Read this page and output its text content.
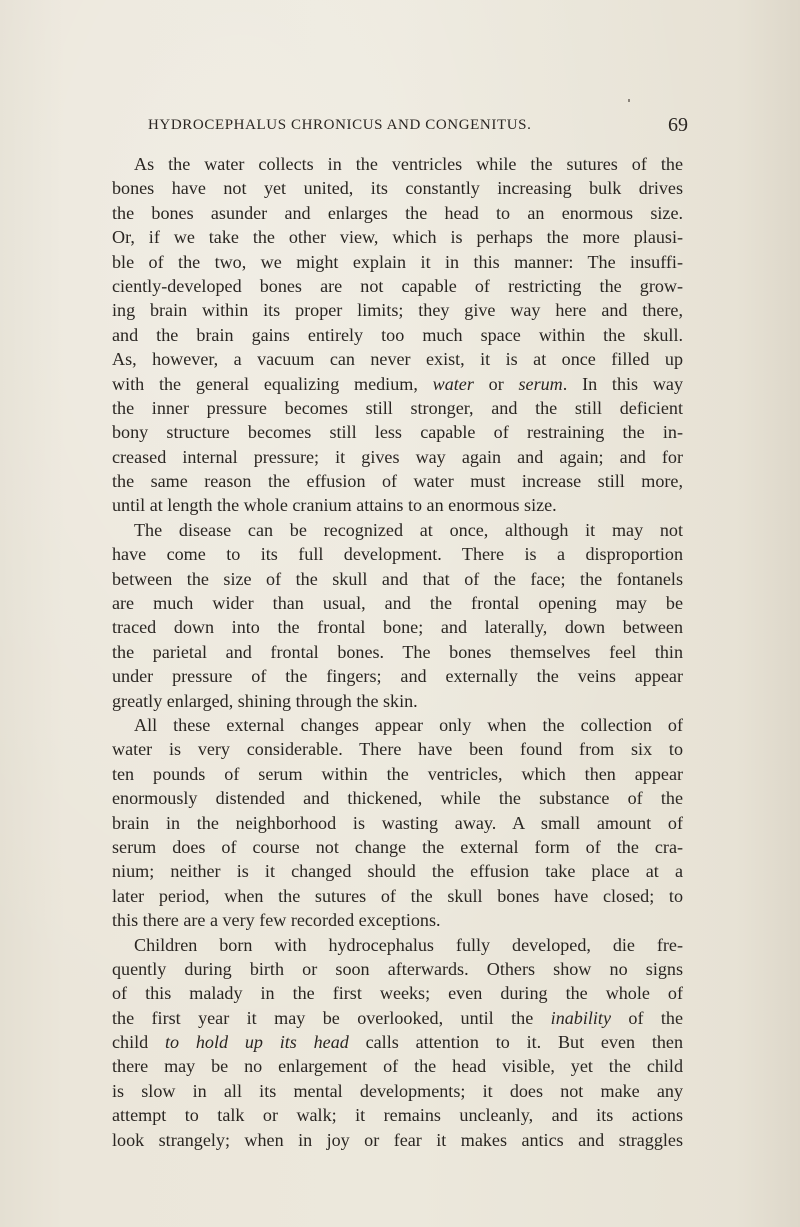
HYDROCEPHALUS CHRONICUS AND CONGENITUS.	69
As the water collects in the ventricles while the sutures of the
bones have not yet united, its constantly increasing bulk drives
the bones asunder and enlarges the head to an enormous size.
Or, if we take the other view, which is perhaps the more plausi-
ble of the two, we might explain it in this manner: The insuffi-
ciently-developed bones are not capable of restricting the grow-
ing brain within its proper limits; they give way here and there,
and the brain gains entirely too much space within the skull.
As, however, a vacuum can never exist, it is at once filled up
with the general equalizing medium, water or serum. In this way
the inner pressure becomes still stronger, and the still deficient
bony structure becomes still less capable of restraining the in-
creased internal pressure; it gives way again and again; and for
the same reason the effusion of water must increase still more,
until at length the whole cranium attains to an enormous size.
The disease can be recognized at once, although it may not
have come to its full development. There is a disproportion
between the size of the skull and that of the face; the fontanels
are much wider than usual, and the frontal opening may be
traced down into the frontal bone; and laterally, down between
the parietal and frontal bones. The bones themselves feel thin
under pressure of the fingers; and externally the veins appear
greatly enlarged, shining through the skin.
All these external changes appear only when the collection of
water is very considerable. There have been found from six to
ten pounds of serum within the ventricles, which then appear
enormously distended and thickened, while the substance of the
brain in the neighborhood is wasting away. A small amount of
serum does of course not change the external form of the cra-
nium; neither is it changed should the effusion take place at a
later period, when the sutures of the skull bones have closed; to
this there are a very few recorded exceptions.
Children born with hydrocephalus fully developed, die fre-
quently during birth or soon afterwards. Others show no signs
of this malady in the first weeks; even during the whole of
the first year it may be overlooked, until the inability of the
child to hold up its head calls attention to it. But even then
there may be no enlargement of the head visible, yet the child
is slow in all its mental developments; it does not make any
attempt to talk or walk; it remains uncleanly, and its actions
look strangely; when in joy or fear it makes antics and straggles
